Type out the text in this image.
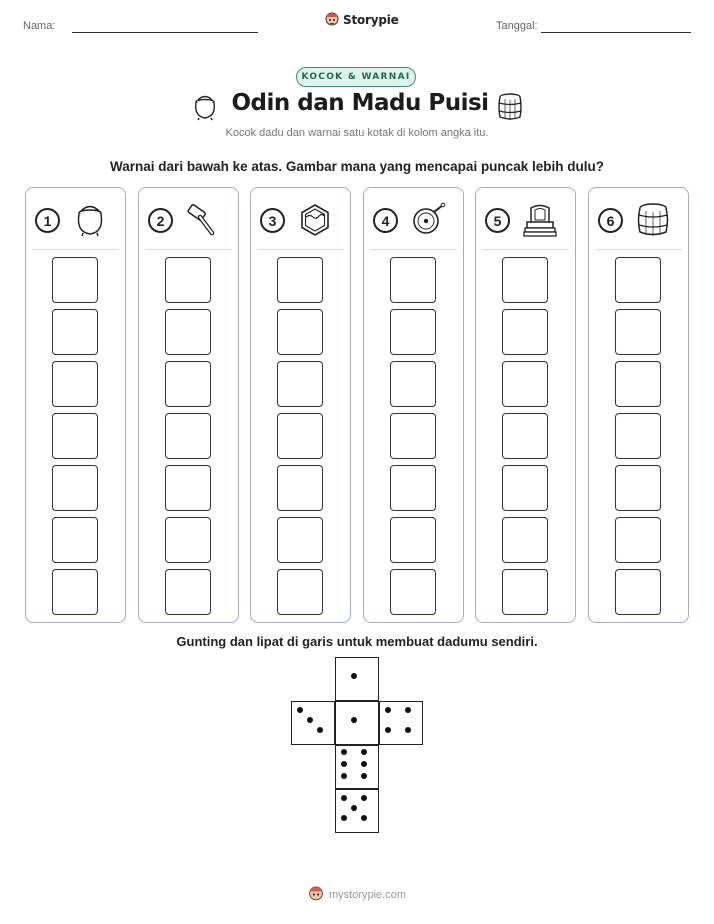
Nama:	Storypie	Tanggal:
KOCOK & WARNAI
Odin dan Madu Puisi
Kocok dadu dan warnai satu kotak di kolom angka itu.
Warnai dari bawah ke atas. Gambar mana yang mencapai puncak lebih dulu?
1	2	3	4	5	6
Gunting dan lipat di garis untuk membuat dadumu sendiri.
mystorypie.com
